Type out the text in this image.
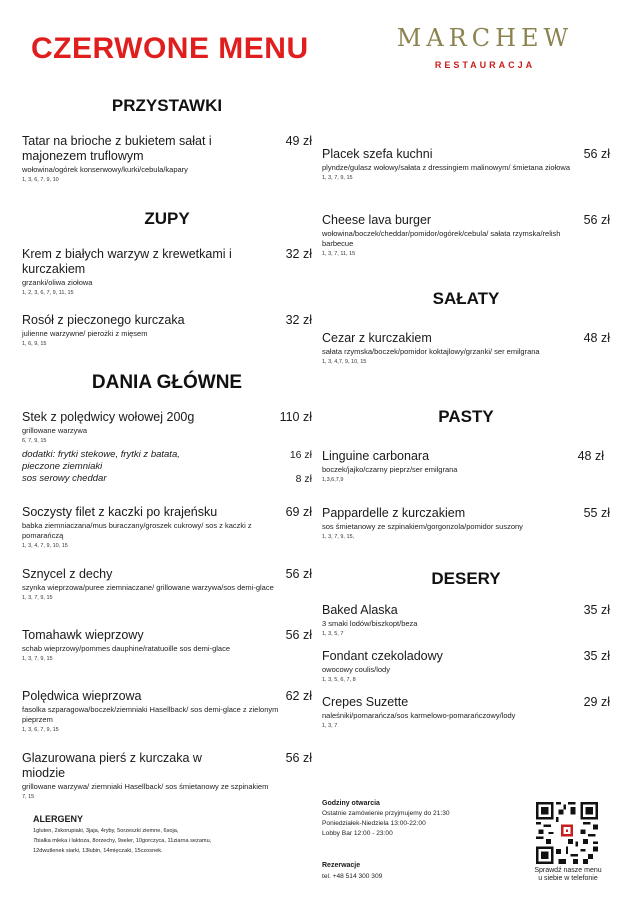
CZERWONE MENU	MARCHEW
RESTAURACJA
PRZYSTAWKI
Tatar na brioche z bukietem sałat i majonezem truflowym
49 zł
wołowina/ogórek konserwowy/kurki/cebula/kapary
1, 3, 6, 7, 9, 10
ZUPY
Krem z białych warzyw z krewetkami i kurczakiem
32 zł
grzanki/oliwa ziołowa
1, 2, 3, 6, 7, 9, 11, 15
Rosół z pieczonego kurczaka	32 zł
julienne warzywne/ pierożki z mięsem
1, 6, 9, 15
DANIA GŁÓWNE
Stek z polędwicy wołowej 200g	110 zł
grillowane warzywa
6, 7, 9, 15
dodatki: frytki stekowe, frytki z batata,	16 zł
pieczone ziemniaki
sos serowy cheddar	8 zł
Soczysty filet z kaczki po krajeńsku	69 zł
babka ziemniaczana/mus buraczany/groszek cukrowy/ sos z kaczki z pomarańczą
1, 3, 4, 7, 9, 10, 15
Sznycel z dechy	56 zł
szynka wieprzowa/puree ziemniaczane/ grillowane warzywa/sos demi-glace
1, 3, 7, 9, 15
Tomahawk wieprzowy	56 zł
schab wieprzowy/pommes dauphine/ratatuoille sos demi-glace
1, 3, 7, 9, 15
Polędwica wieprzowa	62 zł
fasolka szparagowa/boczek/ziemniaki Hasellback/ sos demi-glace z zielonym pieprzem
1, 3, 6, 7, 9, 15
Glazurowana pierś z kurczaka w miodzie
56 zł
grillowane warzywa/ ziemniaki Hasellback/ sos śmietanowy ze szpinakiem
7, 15
Placek szefa kuchni	56 zł
plyndze/gulasz wołowy/sałata z dressingiem malinowym/ śmietana ziołowa
1, 3, 7, 9, 15
Cheese lava burger	56 zł
wołowina/boczek/cheddar/pomidor/ogórek/cebula/ sałata rzymska/relish barbecue
1, 3, 7, 11, 15
SAŁATY
Cezar z kurczakiem	48 zł
sałata rzymska/boczek/pomidor koktajlowy/grzanki/ ser emilgrana
1, 3, 4,7, 9, 10, 15
PASTY
Linguine carbonara	48 zł
boczek/jajko/czarny pieprz/ser emilgrana
1,3,6,7,9
Pappardelle z kurczakiem	55 zł
sos śmietanowy ze szpinakiem/gorgonzola/pomidor suszony
1, 3, 7, 9, 15,
DESERY
Baked Alaska	35 zł
3 smaki lodów/biszkopt/beza
1, 3, 5, 7
Fondant czekoladowy	35 zł
owocowy coulis/lody
1, 3, 5, 6, 7, 8
Crepes Suzette	29 zł
naleśniki/pomarańcza/sos karmelowo-pomarańczowy/lody
1, 3, 7
ALERGENY
1gluten, 2skorupiaki, 3jaja, 4ryby, 5orzeszki ziemne, 6soja,
7białka mleka i laktoza, 8orzechy, 9seler, 10gorczyca, 11ziarna sezamu,
12dwutlenek siarki, 13łubin, 14mięczaki, 15czosnek.
Godziny otwarcia
Ostatnie zamówienie przyjmujemy do 21:30
Poniedziałek-Niedziela 13:00-22:00
Lobby Bar 12:00 - 23:00
Rezerwacje
tel. +48 514 300 309
Sprawdź nasze menu
u siebie w telefonie
